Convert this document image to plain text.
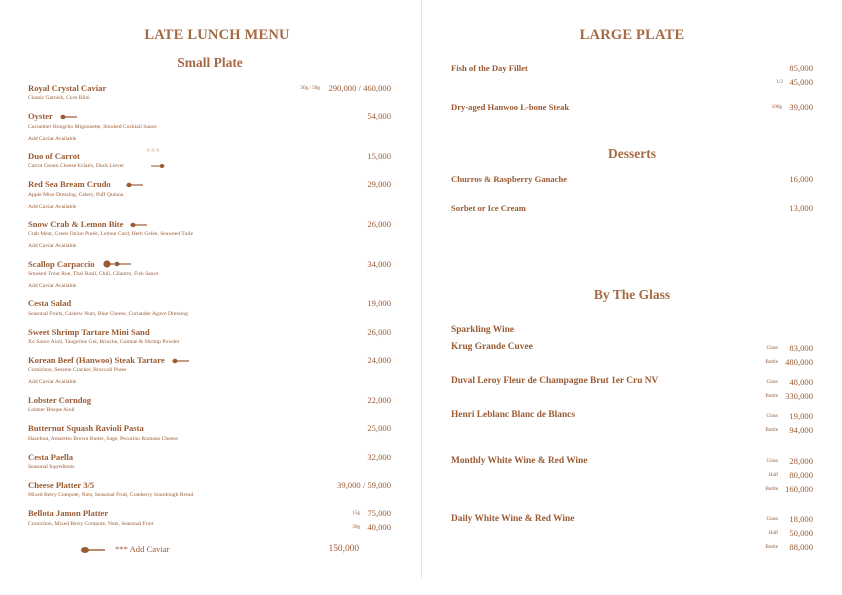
LATE LUNCH MENU
Small Plate
Royal Crystal Caviar
Classic Garnish, Corn Blini
30g / 50g 290,000 / 460,000
Oyster
Cucumber Hongcho Mignonette, Smoked Cocktail Sauce
Add Caviar Available
54,000
Duo of Carrot
Carrot Cream Cheese Eclairs, Duck Liever
※※※	15,000
Red Sea Bream Crudo
Apple Miso Dressing, Celery, Puff Quinoa
Add Caviar Available
29,000
Snow Crab & Lemon Bite
Crab Meat, Green Onion Purée, Lemon Curd, Herb Gelée, Seaweed Tuile
Add Caviar Available
26,000
Scallop Carpaccio
Smoked Trout Roe, Thai Basil, Chili, Cilantro, Fish Sauce
Add Caviar Available
34,000
Cesta Salad
Seasonal Fruits, Cashew Nuts, Blue Cheese, Coriander Agave Dressing
19,000
Sweet Shrimp Tartare Mini Sand
Xo Sauce Aioli, Tangerine Gel, Brioche, Gamtae & Shrimp Powder
26,000
Korean Beef (Hanwoo) Steak Tartare
Cornichon, Sesame Cracker, Broccoli Puree
Add Caviar Available
24,000
Lobster Corndog
Lobster Bisque Aioli
22,000
Butternut Squash Ravioli Pasta
Hazelnut, Amaretto Brown Butter, Sage, Pecorino Romano Cheese
25,000
Cesta Paella
Seasonal Ingredients
32,000
Cheese Platter 3/5
Mixed Berry Compote, Nuts, Seasonal Fruit, Cranberry Sourdough Bread
39,000 / 59,000
Bellota Jamon Platter
Cornichon, Mixed Berry Compote, Nuts, Seasonal Fruit
15g 75,000
30g 40,000
*** Add Caviar	150,000
LARGE PLATE
Fish of the Day Fillet	85,000
1/2 45,000
Dry-aged Hanwoo L-bone Steak	100g 39,000
Desserts
Churros & Raspberry Ganache	16,000
Sorbet or Ice Cream	13,000
By The Glass
Sparkling Wine
Krug Grande Cuvee	Glass 83,000
Bottle 480,000
Duval Leroy Fleur de Champagne Brut 1er Cru NV	Glass 48,000
Bottle 330,000
Henri Leblanc Blanc de Blancs	Glass 19,000
Bottle 94,000
Monthly White Wine & Red Wine	Glass 28,000
Half 80,000
Bottle 160,000
Daily White Wine & Red Wine	Glass 18,000
Half 50,000
Bottle 88,000
